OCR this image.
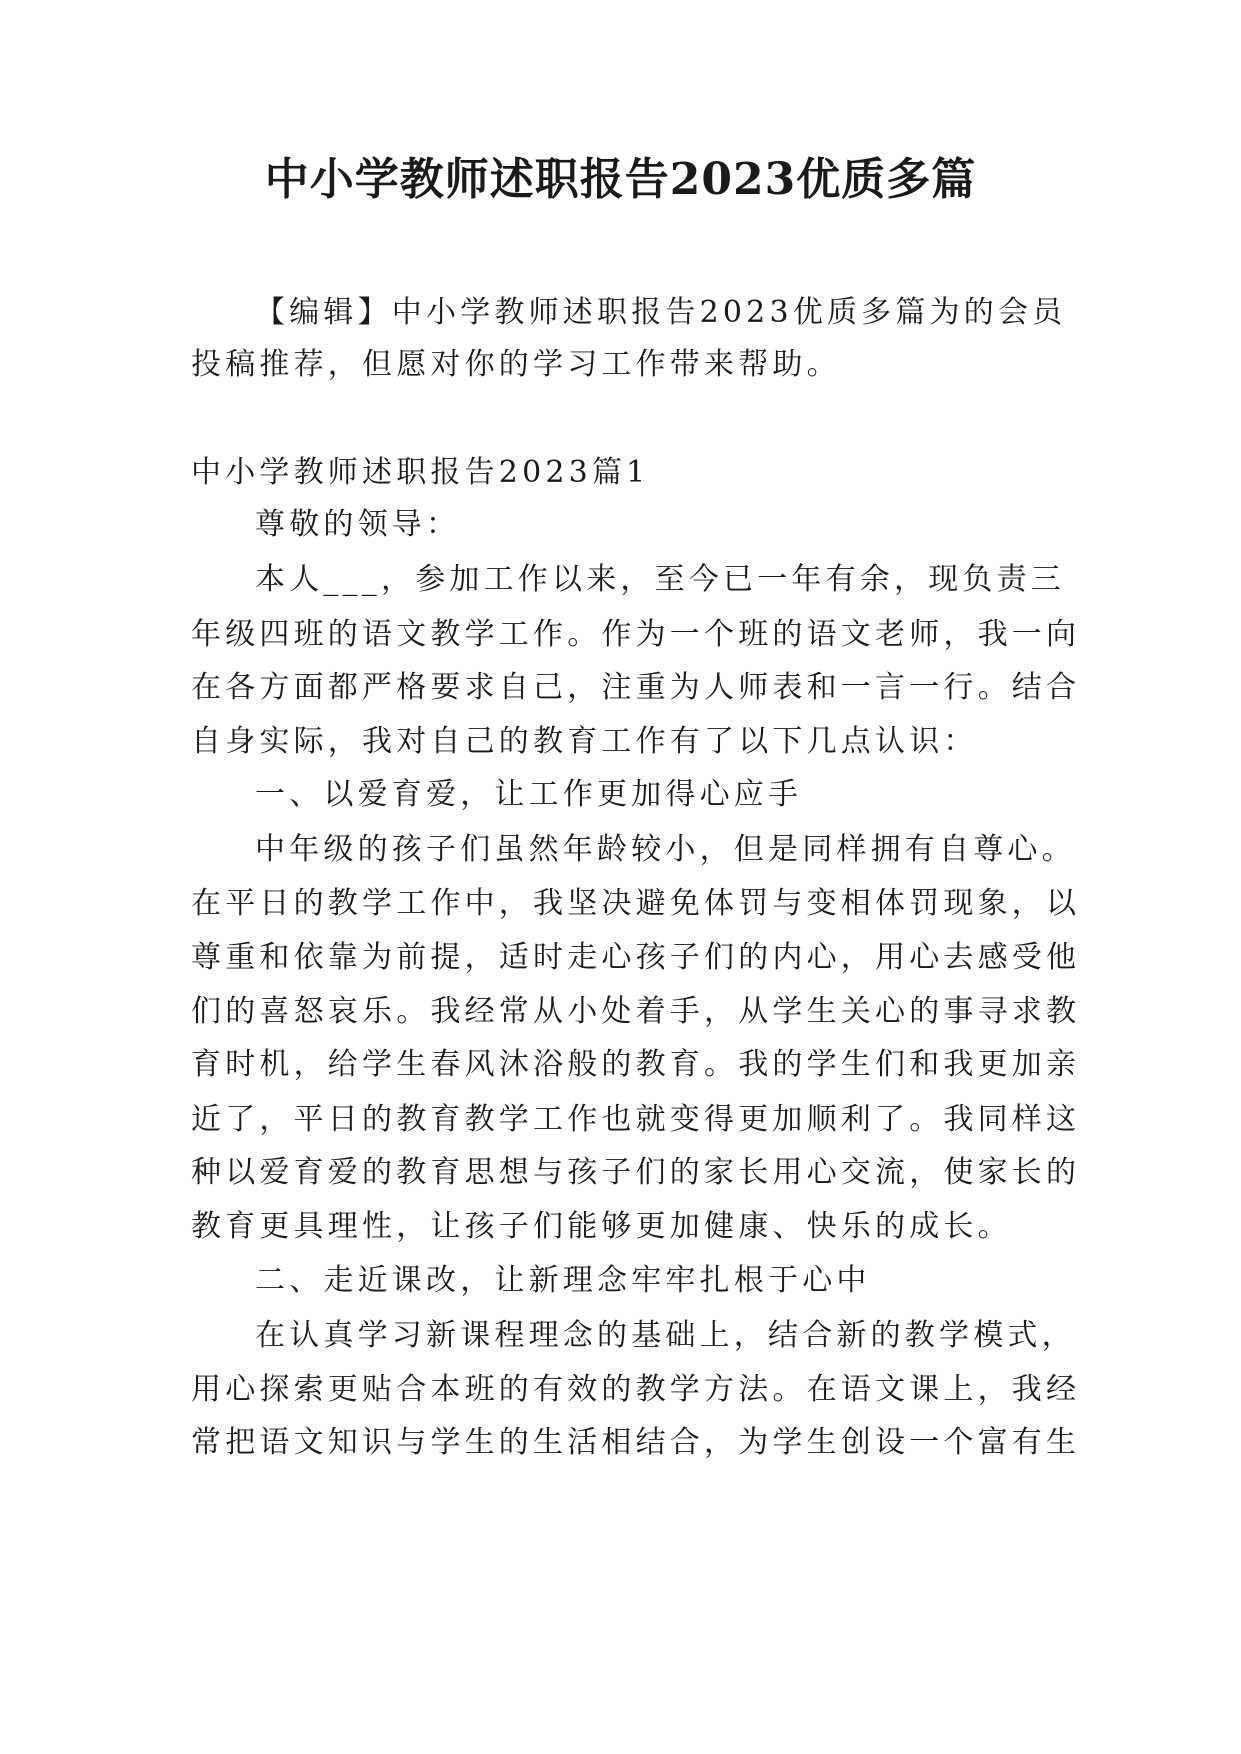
中小学教师述职报告2023优质多篇
【编辑】中小学教师述职报告2023优质多篇为的会员
投稿推荐，但愿对你的学习工作带来帮助。
中小学教师述职报告2023篇1
尊敬的领导：
本人___，参加工作以来，至今已一年有余，现负责三
年级四班的语文教学工作。作为一个班的语文老师，我一向
在各方面都严格要求自己，注重为人师表和一言一行。结合
自身实际，我对自己的教育工作有了以下几点认识：
一、以爱育爱，让工作更加得心应手
中年级的孩子们虽然年龄较小，但是同样拥有自尊心。
在平日的教学工作中，我坚决避免体罚与变相体罚现象，以
尊重和依靠为前提，适时走心孩子们的内心，用心去感受他
们的喜怒哀乐。我经常从小处着手，从学生关心的事寻求教
育时机，给学生春风沐浴般的教育。我的学生们和我更加亲
近了，平日的教育教学工作也就变得更加顺利了。我同样这
种以爱育爱的教育思想与孩子们的家长用心交流，使家长的
教育更具理性，让孩子们能够更加健康、快乐的成长。
二、走近课改，让新理念牢牢扎根于心中
在认真学习新课程理念的基础上，结合新的教学模式，
用心探索更贴合本班的有效的教学方法。在语文课上，我经
常把语文知识与学生的生活相结合，为学生创设一个富有生
